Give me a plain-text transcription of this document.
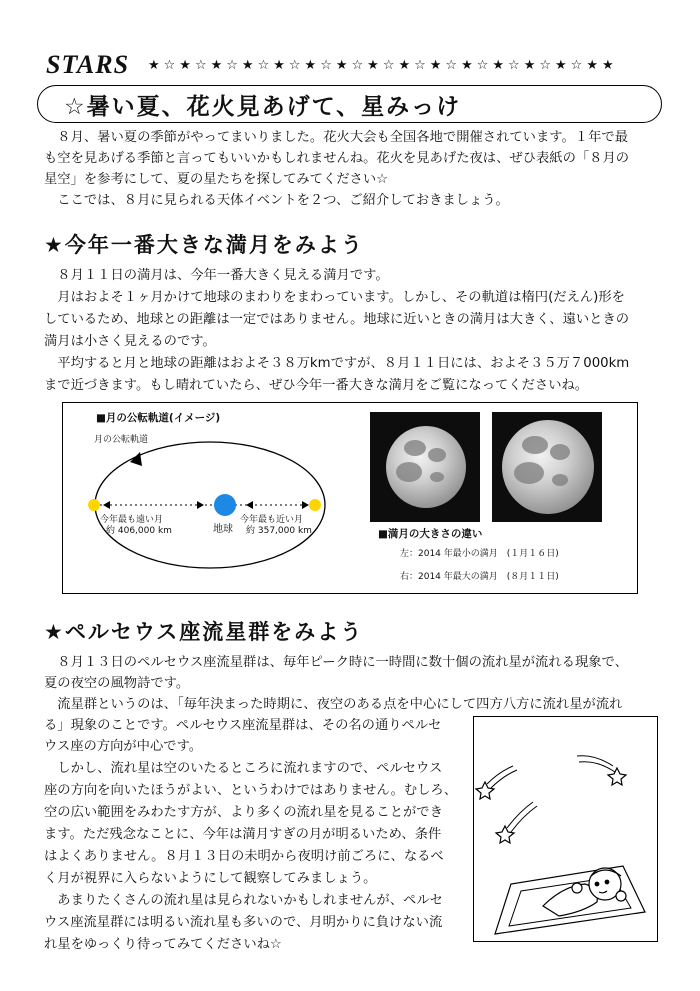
STARS ★☆★☆★☆★☆★☆★☆★☆★☆★☆★☆★☆★☆★☆★☆★★
☆暑い夏、花火見あげて、星みっけ

　８月、暑い夏の季節がやってまいりました。花火大会も全国各地で開催されています。１年で最

も空を見あげる季節と言ってもいいかもしれませんね。花火を見あげた夜は、ぜひ表紙の「８月の

星空」を参考にして、夏の星たちを探してみてください☆

　ここでは、８月に見られる天体イベントを２つ、ご紹介しておきましょう。

★今年一番大きな満月をみよう

　８月１１日の満月は、今年一番大きく見える満月です。

　月はおよそ１ヶ月かけて地球のまわりをまわっています。しかし、その軌道は楕円(だえん)形を

しているため、地球との距離は一定ではありません。地球に近いときの満月は大きく、遠いときの

満月は小さく見えるのです。

　平均すると月と地球の距離はおよそ３８万kmですが、８月１１日には、およそ３５万７000km

まで近づきます。もし晴れていたら、ぜひ今年一番大きな満月をご覧になってくださいね。

■月の公転軌道(イメージ)
月の公転軌道
今年最も遠い月
約 406,000 km	地球
今年最も近い月
約 357,000 km	■満月の大きさの違い
左：2014 年最小の満月　(１月１６日)
右：2014 年最大の満月　(８月１１日)
★ペルセウス座流星群をみよう

　８月１３日のペルセウス座流星群は、毎年ピーク時に一時間に数十個の流れ星が流れる現象で、

夏の夜空の風物詩です。

　流星群というのは、「毎年決まった時期に、夜空のある点を中心にして四方八方に流れ星が流れ

る」現象のことです。ペルセウス座流星群は、その名の通りペルセ

ウス座の方向が中心です。

　しかし、流れ星は空のいたるところに流れますので、ペルセウス

座の方向を向いたほうがよい、というわけではありません。むしろ、

空の広い範囲をみわたす方が、より多くの流れ星を見ることができ

ます。ただ残念なことに、今年は満月すぎの月が明るいため、条件

はよくありません。８月１３日の未明から夜明け前ごろに、なるべ

く月が視界に入らないようにして観察してみましょう。

　あまりたくさんの流れ星は見られないかもしれませんが、ペルセ

ウス座流星群には明るい流れ星も多いので、月明かりに負けない流

れ星をゆっくり待ってみてくださいね☆
